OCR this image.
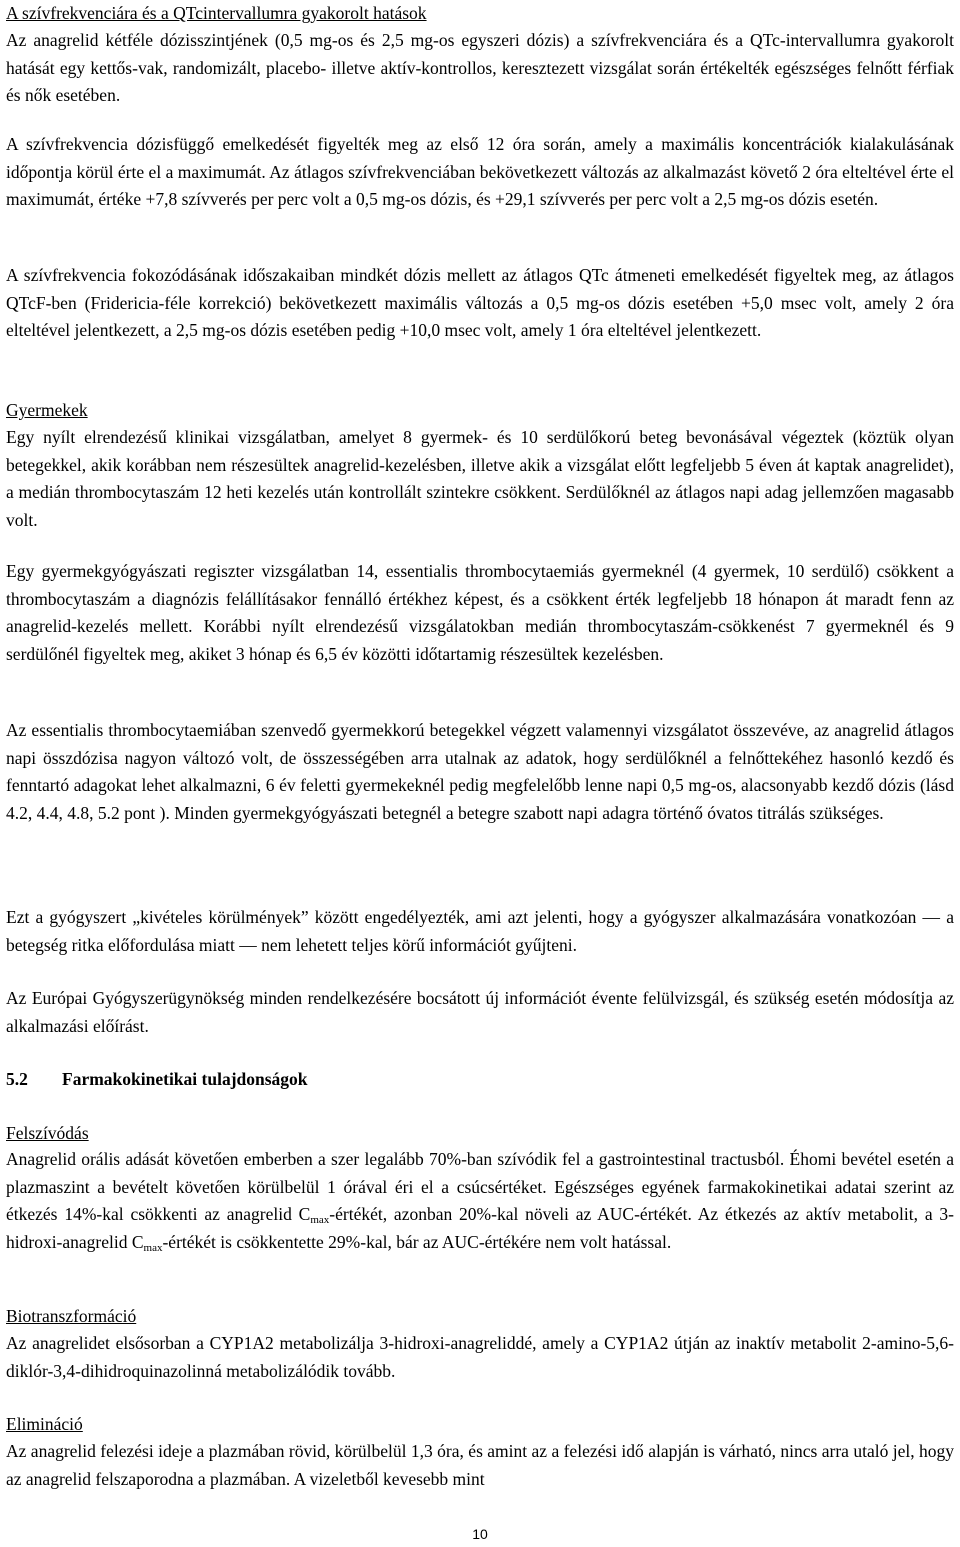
A szívfrekvenciára és a QTcintervallumra gyakorolt hatások

Az anagrelid kétféle dózisszintjének (0,5 mg-os és 2,5 mg-os egyszeri dózis) a szívfrekvenciára és a QTc-intervallumra gyakorolt hatását egy kettős-vak, randomizált, placebo- illetve aktív-kontrollos, keresztezett vizsgálat során értékelték egészséges felnőtt férfiak és nők esetében.

A szívfrekvencia dózisfüggő emelkedését figyelték meg az első 12 óra során, amely a maximális koncentrációk kialakulásának időpontja körül érte el a maximumát. Az átlagos szívfrekvenciában bekövetkezett változás az alkalmazást követő 2 óra elteltével érte el maximumát, értéke +7,8 szívverés per perc volt a 0,5 mg-os dózis, és +29,1 szívverés per perc volt a 2,5 mg-os dózis esetén.

A szívfrekvencia fokozódásának időszakaiban mindkét dózis mellett az átlagos QTc átmeneti emelkedését figyeltek meg, az átlagos QTcF-ben (Fridericia-féle korrekció) bekövetkezett maximális változás a 0,5 mg-os dózis esetében +5,0 msec volt, amely 2 óra elteltével jelentkezett, a 2,5 mg-os dózis esetében pedig +10,0 msec volt, amely 1 óra elteltével jelentkezett.

Gyermekek

Egy nyílt elrendezésű klinikai vizsgálatban, amelyet 8 gyermek- és 10 serdülőkorú beteg bevonásával végeztek (köztük olyan betegekkel, akik korábban nem részesültek anagrelid-kezelésben, illetve akik a vizsgálat előtt legfeljebb 5 éven át kaptak anagrelidet), a medián thrombocytaszám 12 heti kezelés után kontrollált szintekre csökkent. Serdülőknél az átlagos napi adag jellemzően magasabb volt.

Egy gyermekgyógyászati regiszter vizsgálatban 14, essentialis thrombocytaemiás gyermeknél (4 gyermek, 10 serdülő) csökkent a thrombocytaszám a diagnózis felállításakor fennálló értékhez képest, és a csökkent érték legfeljebb 18 hónapon át maradt fenn az anagrelid-kezelés mellett. Korábbi nyílt elrendezésű vizsgálatokban medián thrombocytaszám-csökkenést 7 gyermeknél és 9 serdülőnél figyeltek meg, akiket 3 hónap és 6,5 év közötti időtartamig részesültek kezelésben.

Az essentialis thrombocytaemiában szenvedő gyermekkorú betegekkel végzett valamennyi vizsgálatot összevéve, az anagrelid átlagos napi összdózisa nagyon változó volt, de összességében arra utalnak az adatok, hogy serdülőknél a felnőttekéhez hasonló kezdő és fenntartó adagokat lehet alkalmazni, 6 év feletti gyermekeknél pedig megfelelőbb lenne napi 0,5 mg-os, alacsonyabb kezdő dózis (lásd 4.2, 4.4, 4.8, 5.2 pont ). Minden gyermekgyógyászati betegnél a betegre szabott napi adagra történő óvatos titrálás szükséges.

Ezt a gyógyszert „kivételes körülmények” között engedélyezték, ami azt jelenti, hogy a gyógyszer alkalmazására vonatkozóan — a betegség ritka előfordulása miatt — nem lehetett teljes körű információt gyűjteni.

Az Európai Gyógyszerügynökség minden rendelkezésére bocsátott új információt évente felülvizsgál, és szükség esetén módosítja az alkalmazási előírást.

5.2 Farmakokinetikai tulajdonságok
Felszívódás

Anagrelid orális adását követően emberben a szer legalább 70%-ban szívódik fel a gastrointestinal tractusból. Éhomi bevétel esetén a plazmaszint a bevételt követően körülbelül 1 órával éri el a csúcsértéket. Egészséges egyének farmakokinetikai adatai szerint az étkezés 14%-kal csökkenti az anagrelid $C_{max}$-értékét, azonban 20%-kal növeli az AUC-értékét. Az étkezés az aktív metabolit, a 3-hidroxi-anagrelid $C_{max}$-értékét is csökkentette 29%-kal, bár az AUC-értékére nem volt hatással.

Biotranszformáció

Az anagrelidet elsősorban a CYP1A2 metabolizálja 3-hidroxi-anagreliddé, amely a CYP1A2 útján az inaktív metabolit 2-amino-5,6-diklór-3,4-dihidroquinazolinná metabolizálódik tovább.

Elimináció

Az anagrelid felezési ideje a plazmában rövid, körülbelül 1,3 óra, és amint az a felezési idő alapján is várható, nincs arra utaló jel, hogy az anagrelid felszaporodna a plazmában. A vizeletből kevesebb mint

10
